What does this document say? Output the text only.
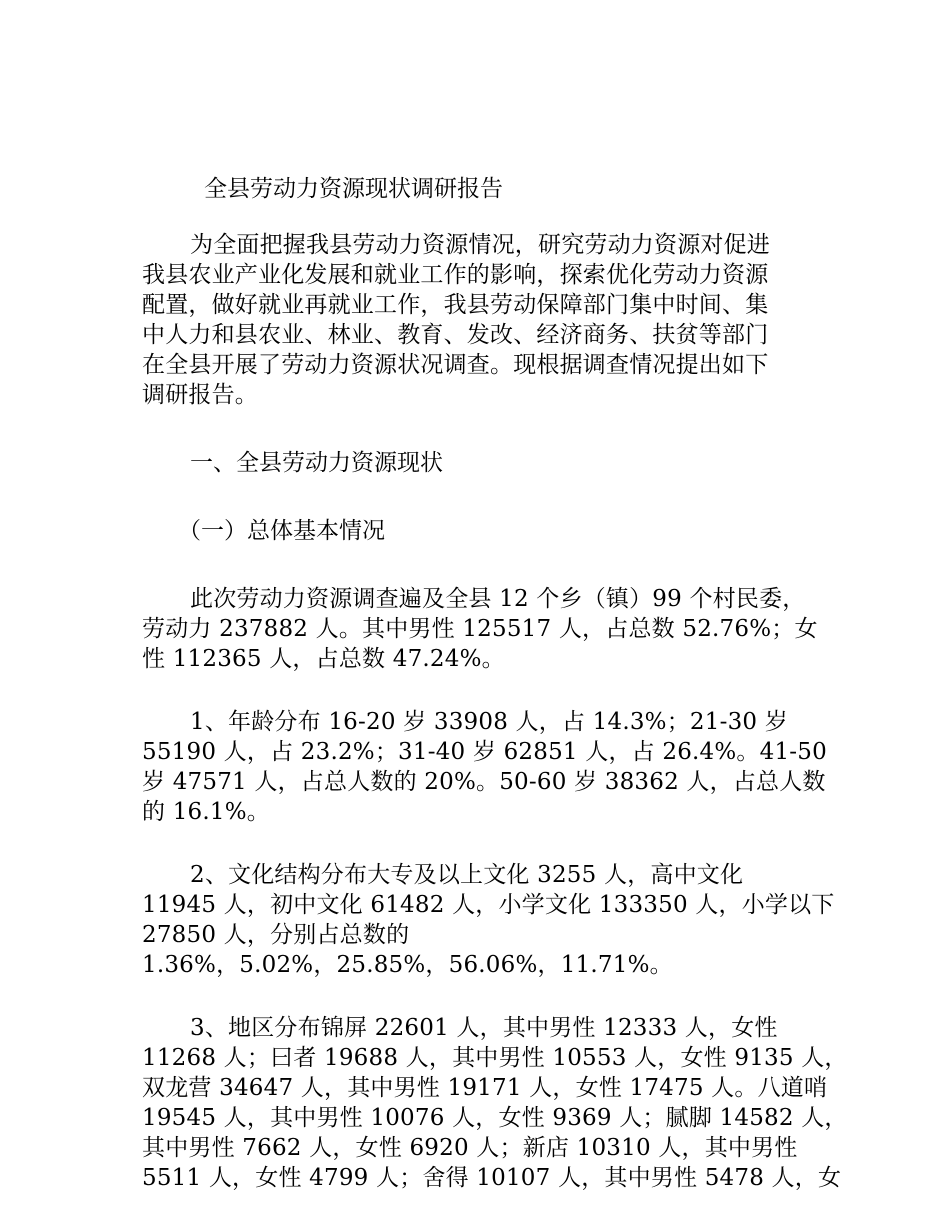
全县劳动力资源现状调研报告

为全面把握我县劳动力资源情况，研究劳动力资源对促进
我县农业产业化发展和就业工作的影响，探索优化劳动力资源
配置，做好就业再就业工作，我县劳动保障部门集中时间、集
中人力和县农业、林业、教育、发改、经济商务、扶贫等部门
在全县开展了劳动力资源状况调查。现根据调查情况提出如下
调研报告。

一、全县劳动力资源现状

（一）总体基本情况

此次劳动力资源调查遍及全县 12 个乡（镇）99 个村民委，
劳动力 237882 人。其中男性 125517 人，占总数 52.76%；女
性 112365 人，占总数 47.24%。

1、年龄分布 16-20 岁 33908 人，占 14.3%；21-30 岁
55190 人，占 23.2%；31-40 岁 62851 人，占 26.4%。41-50
岁 47571 人，占总人数的 20%。50-60 岁 38362 人，占总人数
的 16.1%。

2、文化结构分布大专及以上文化 3255 人，高中文化
11945 人，初中文化 61482 人，小学文化 133350 人，小学以下
27850 人，分别占总数的
1.36%，5.02%，25.85%，56.06%，11.71%。

3、地区分布锦屏 22601 人，其中男性 12333 人，女性
11268 人；曰者 19688 人，其中男性 10553 人，女性 9135 人，
双龙营 34647 人，其中男性 19171 人，女性 17475 人。八道哨
19545 人，其中男性 10076 人，女性 9369 人；腻脚 14582 人，
其中男性 7662 人，女性 6920 人；新店 10310 人，其中男性
5511 人，女性 4799 人；舍得 10107 人，其中男性 5478 人，女
